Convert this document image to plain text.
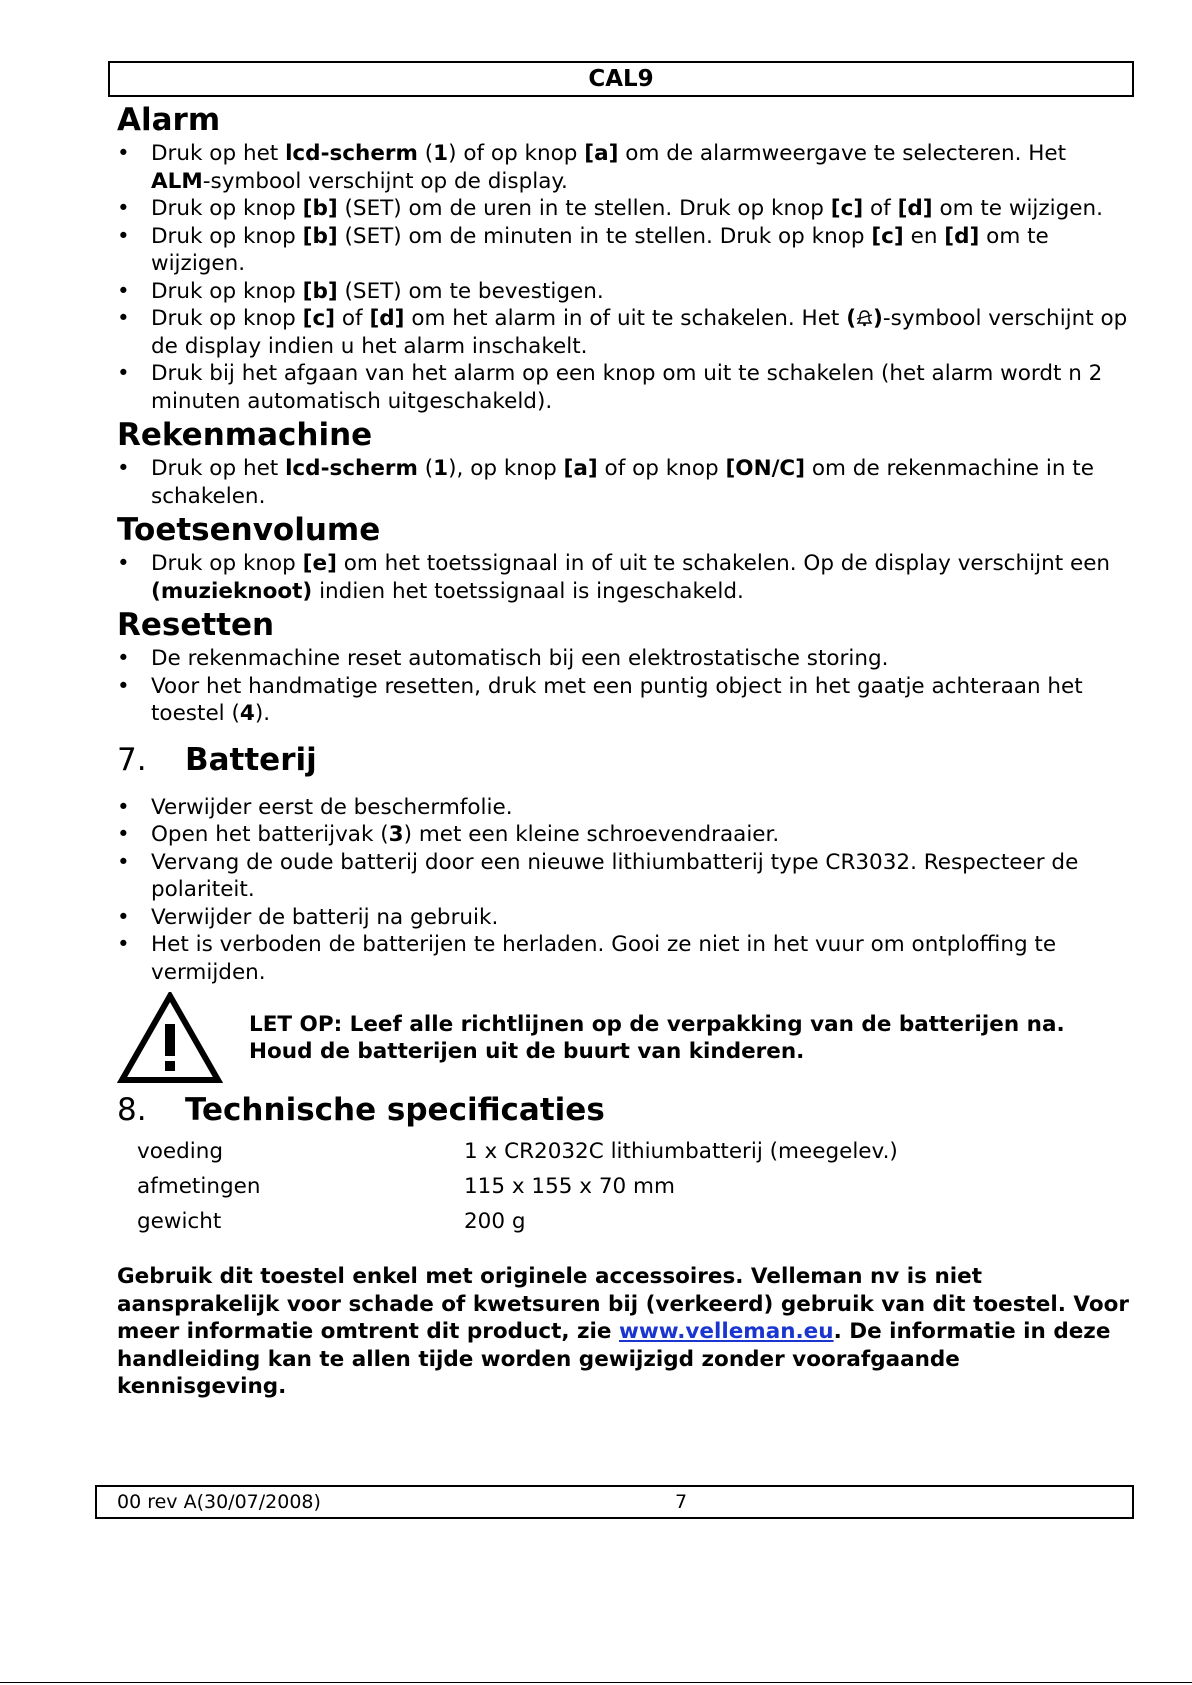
CAL9
Alarm
• Druk op het lcd-scherm (1) of op knop [a] om de alarmweergave te selecteren. Het ALM-symbool verschijnt op de display.
• Druk op knop [b] (SET) om de uren in te stellen. Druk op knop [c] of [d] om te wijzigen.
• Druk op knop [b] (SET) om de minuten in te stellen. Druk op knop [c] en [d] om te wijzigen.
• Druk op knop [b] (SET) om te bevestigen.
• Druk op knop [c] of [d] om het alarm in of uit te schakelen. Het ( )-symbool verschijnt op de display indien u het alarm inschakelt.
• Druk bij het afgaan van het alarm op een knop om uit te schakelen (het alarm wordt n 2 minuten automatisch uitgeschakeld).
Rekenmachine
• Druk op het lcd-scherm (1), op knop [a] of op knop [ON/C] om de rekenmachine in te schakelen.
Toetsenvolume
• Druk op knop [e] om het toetssignaal in of uit te schakelen. Op de display verschijnt een (muzieknoot) indien het toetssignaal is ingeschakeld.
Resetten
• De rekenmachine reset automatisch bij een elektrostatische storing.
• Voor het handmatige resetten, druk met een puntig object in het gaatje achteraan het toestel (4).
7.	Batterij
• Verwijder eerst de beschermfolie.
• Open het batterijvak (3) met een kleine schroevendraaier.
• Vervang de oude batterij door een nieuwe lithiumbatterij type CR3032. Respecteer de polariteit.
• Verwijder de batterij na gebruik.
• Het is verboden de batterijen te herladen. Gooi ze niet in het vuur om ontploffing te vermijden.
LET OP: Leef alle richtlijnen op de verpakking van de batterijen na.
Houd de batterijen uit de buurt van kinderen.
8.	Technische specificaties
voeding	1 x CR2032C lithiumbatterij (meegelev.)
afmetingen	115 x 155 x 70 mm
gewicht	200 g
Gebruik dit toestel enkel met originele accessoires. Velleman nv is niet aansprakelijk voor schade of kwetsuren bij (verkeerd) gebruik van dit toestel. Voor meer informatie omtrent dit product, zie www.velleman.eu. De informatie in deze handleiding kan te allen tijde worden gewijzigd zonder voorafgaande kennisgeving.
00 rev A(30/07/2008)	7
